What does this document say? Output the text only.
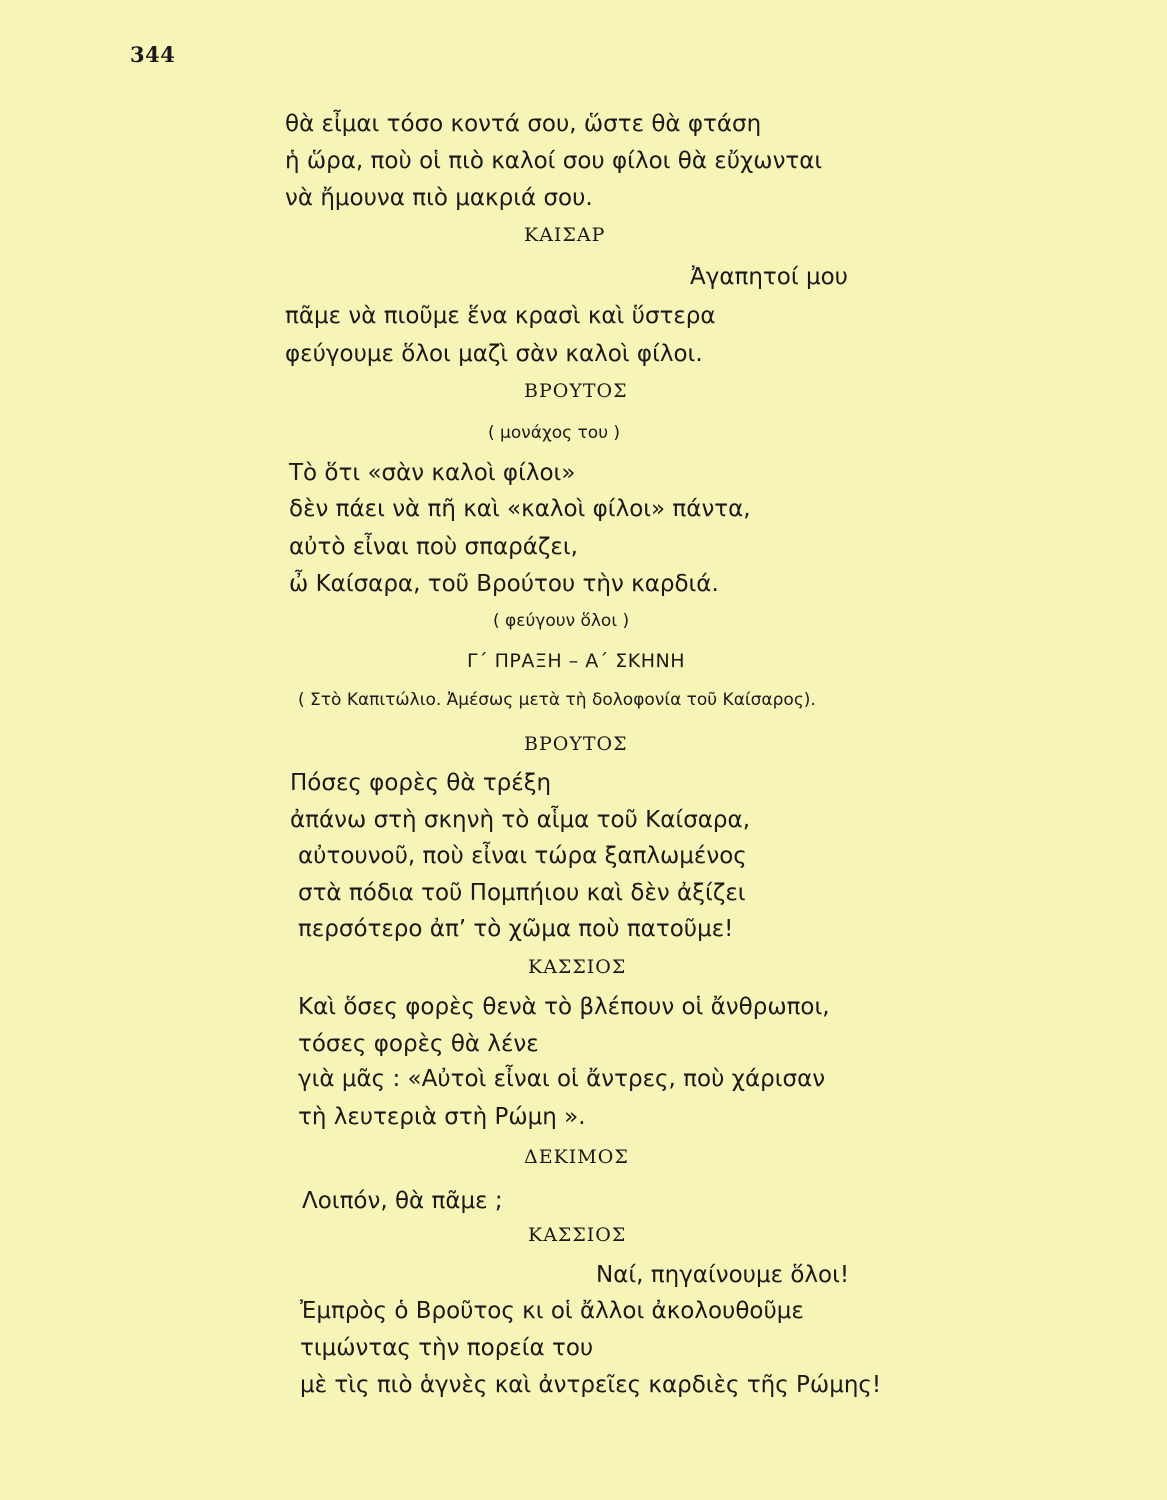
344
θὰ εἶμαι τόσο κοντά σου, ὥστε θὰ φτάση
ἡ ὥρα, ποὺ οἱ πιὸ καλοί σου φίλοι θὰ εὔχωνται
νὰ ἤμουνα πιὸ μακριά σου.
ΚΑΙΣΑΡ
Ἀγαπητοί μου
πᾶμε νὰ πιοῦμε ἕνα κρασὶ καὶ ὕστερα
φεύγουμε ὅλοι μαζὶ σὰν καλοὶ φίλοι.
ΒΡΟΥΤΟΣ
( μονάχος του )
Τὸ ὅτι «σὰν καλοὶ φίλοι»
δὲν πάει νὰ πῆ καὶ «καλοὶ φίλοι» πάντα,
αὐτὸ εἶναι ποὺ σπαράζει,
ὦ Καίσαρα, τοῦ Βρούτου τὴν καρδιά.
( φεύγουν ὅλοι )
Γ΄ ΠΡΑΞΗ – Α΄ ΣΚΗΝΗ
( Στὸ Καπιτώλιο. Ἀμέσως μετὰ τὴ δολοφονία τοῦ Καίσαρος).
ΒΡΟΥΤΟΣ
Πόσες φορὲς θὰ τρέξη
ἀπάνω στὴ σκηνὴ τὸ αἷμα τοῦ Καίσαρα,
αὐτουνοῦ, ποὺ εἶναι τώρα ξαπλωμένος
στὰ πόδια τοῦ Πομπήιου καὶ δὲν ἀξίζει
περσότερο ἀπ’ τὸ χῶμα ποὺ πατοῦμε!
ΚΑΣΣΙΟΣ
Καὶ ὅσες φορὲς θενὰ τὸ βλέπουν οἱ ἄνθρωποι,
τόσες φορὲς θὰ λένε
γιὰ μᾶς : «Αὐτοὶ εἶναι οἱ ἄντρες, ποὺ χάρισαν
τὴ λευτεριὰ στὴ Ρώμη ».
ΔΕΚΙΜΟΣ
Λοιπόν, θὰ πᾶμε ;
ΚΑΣΣΙΟΣ
Ναί, πηγαίνουμε ὅλοι!
Ἐμπρὸς ὁ Βροῦτος κι οἱ ἄλλοι ἀκολουθοῦμε
τιμώντας τὴν πορεία του
μὲ τὶς πιὸ ἁγνὲς καὶ ἀντρεῖες καρδιὲς τῆς Ρώμης!
